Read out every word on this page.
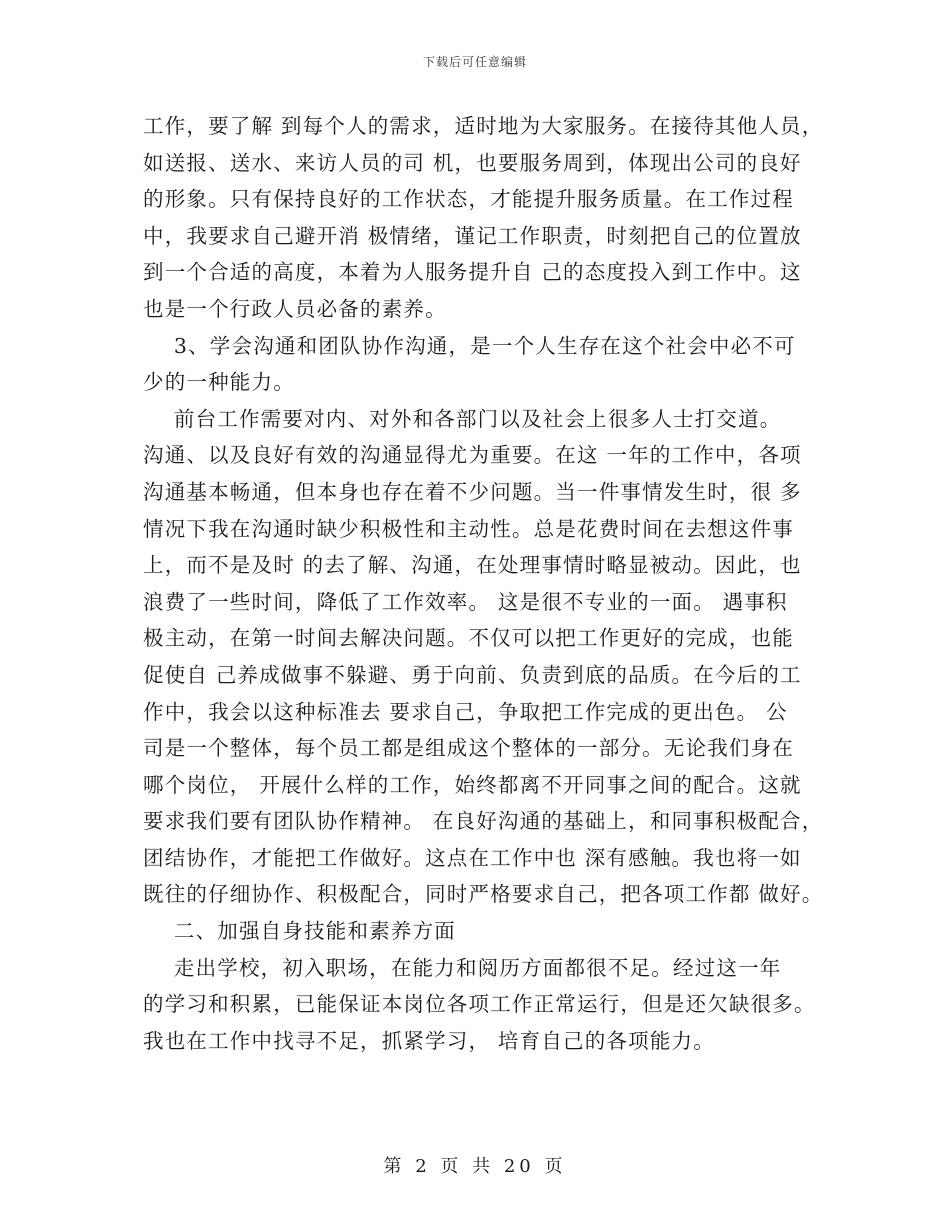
下载后可任意编辑
工作，要了解 到每个人的需求，适时地为大家服务。在接待其他人员，
如送报、送水、来访人员的司 机，也要服务周到，体现出公司的良好
的形象。只有保持良好的工作状态，才能提升服务质量。在工作过程
中，我要求自己避开消 极情绪，谨记工作职责，时刻把自己的位置放
到一个合适的高度，本着为人服务提升自 己的态度投入到工作中。这
也是一个行政人员必备的素养。
3、学会沟通和团队协作沟通，是一个人生存在这个社会中必不可
少的一种能力。
前台工作需要对内、对外和各部门以及社会上很多人士打交道。
沟通、以及良好有效的沟通显得尤为重要。在这 一年的工作中，各项
沟通基本畅通，但本身也存在着不少问题。当一件事情发生时，很 多
情况下我在沟通时缺少积极性和主动性。总是花费时间在去想这件事
上，而不是及时 的去了解、沟通，在处理事情时略显被动。因此，也
浪费了一些时间，降低了工作效率。 这是很不专业的一面。 遇事积
极主动，在第一时间去解决问题。不仅可以把工作更好的完成，也能
促使自 己养成做事不躲避、勇于向前、负责到底的品质。在今后的工
作中，我会以这种标准去 要求自己，争取把工作完成的更出色。 公
司是一个整体，每个员工都是组成这个整体的一部分。无论我们身在
哪个岗位， 开展什么样的工作，始终都离不开同事之间的配合。这就
要求我们要有团队协作精神。 在良好沟通的基础上，和同事积极配合，
团结协作，才能把工作做好。这点在工作中也 深有感触。我也将一如
既往的仔细协作、积极配合，同时严格要求自己，把各项工作都 做好。
二、加强自身技能和素养方面
走出学校，初入职场，在能力和阅历方面都很不足。经过这一年
的学习和积累，已能保证本岗位各项工作正常运行，但是还欠缺很多。
我也在工作中找寻不足，抓紧学习， 培育自己的各项能力。
第 2 页 共 20 页
